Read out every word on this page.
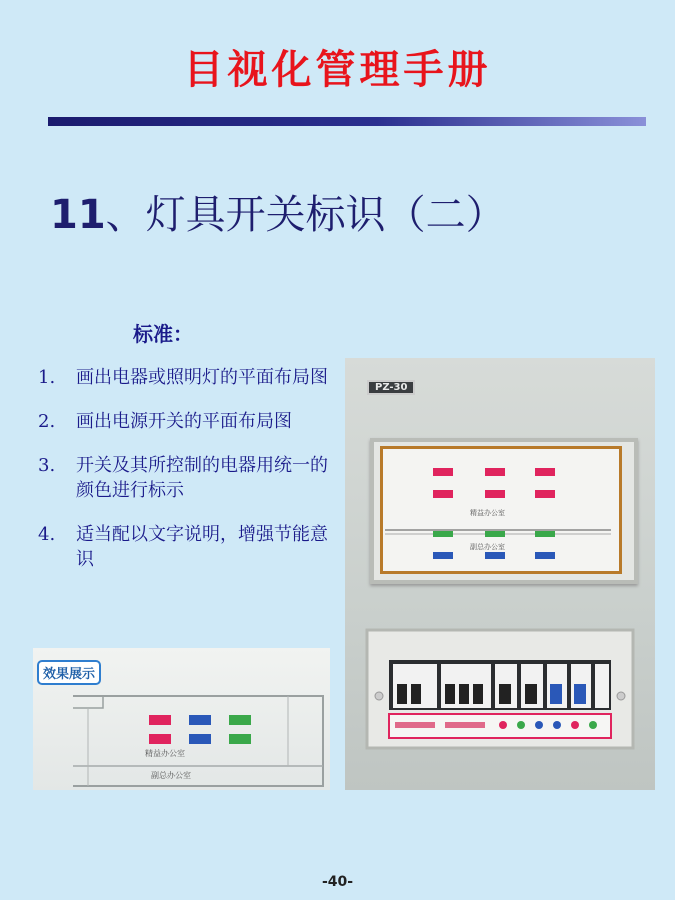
目视化管理手册
11、灯具开关标识（二）
标准：
1.	画出电器或照明灯的平面布局图
2.	画出电源开关的平面布局图
3.	开关及其所控制的电器用统一的颜色进行标示
4.	适当配以文字说明，增强节能意识
效果展示
精益办公室
副总办公室
PZ-30
精益办公室
副总办公室
-40-
